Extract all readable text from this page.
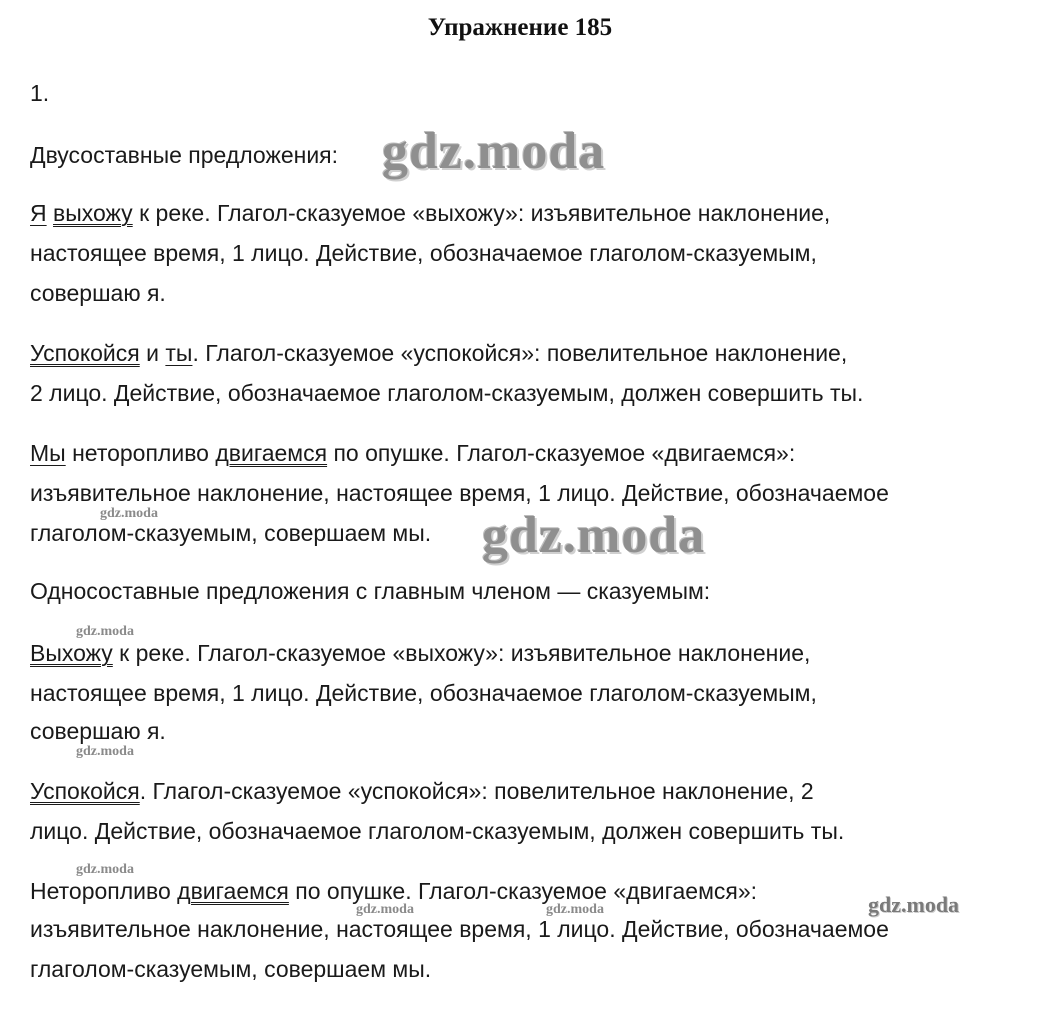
Упражнение 185
1.
Двусоставные предложения:
Я выхожу к реке. Глагол-сказуемое «выхожу»: изъявительное наклонение,
настоящее время, 1 лицо. Действие, обозначаемое глаголом-сказуемым,
совершаю я.
Успокойся и ты. Глагол-сказуемое «успокойся»: повелительное наклонение,
2 лицо. Действие, обозначаемое глаголом-сказуемым, должен совершить ты.
Мы неторопливо двигаемся по опушке. Глагол-сказуемое «двигаемся»:
изъявительное наклонение, настоящее время, 1 лицо. Действие, обозначаемое
глаголом-сказуемым, совершаем мы.
Односоставные предложения с главным членом — сказуемым:
Выхожу к реке. Глагол-сказуемое «выхожу»: изъявительное наклонение,
настоящее время, 1 лицо. Действие, обозначаемое глаголом-сказуемым,
совершаю я.
Успокойся. Глагол-сказуемое «успокойся»: повелительное наклонение, 2
лицо. Действие, обозначаемое глаголом-сказуемым, должен совершить ты.
Неторопливо двигаемся по опушке. Глагол-сказуемое «двигаемся»:
изъявительное наклонение, настоящее время, 1 лицо. Действие, обозначаемое
глаголом-сказуемым, совершаем мы.
gdz.moda
gdz.moda
gdz.moda
gdz.moda
gdz.moda
gdz.moda
gdz.moda	gdz.moda	gdz.moda
